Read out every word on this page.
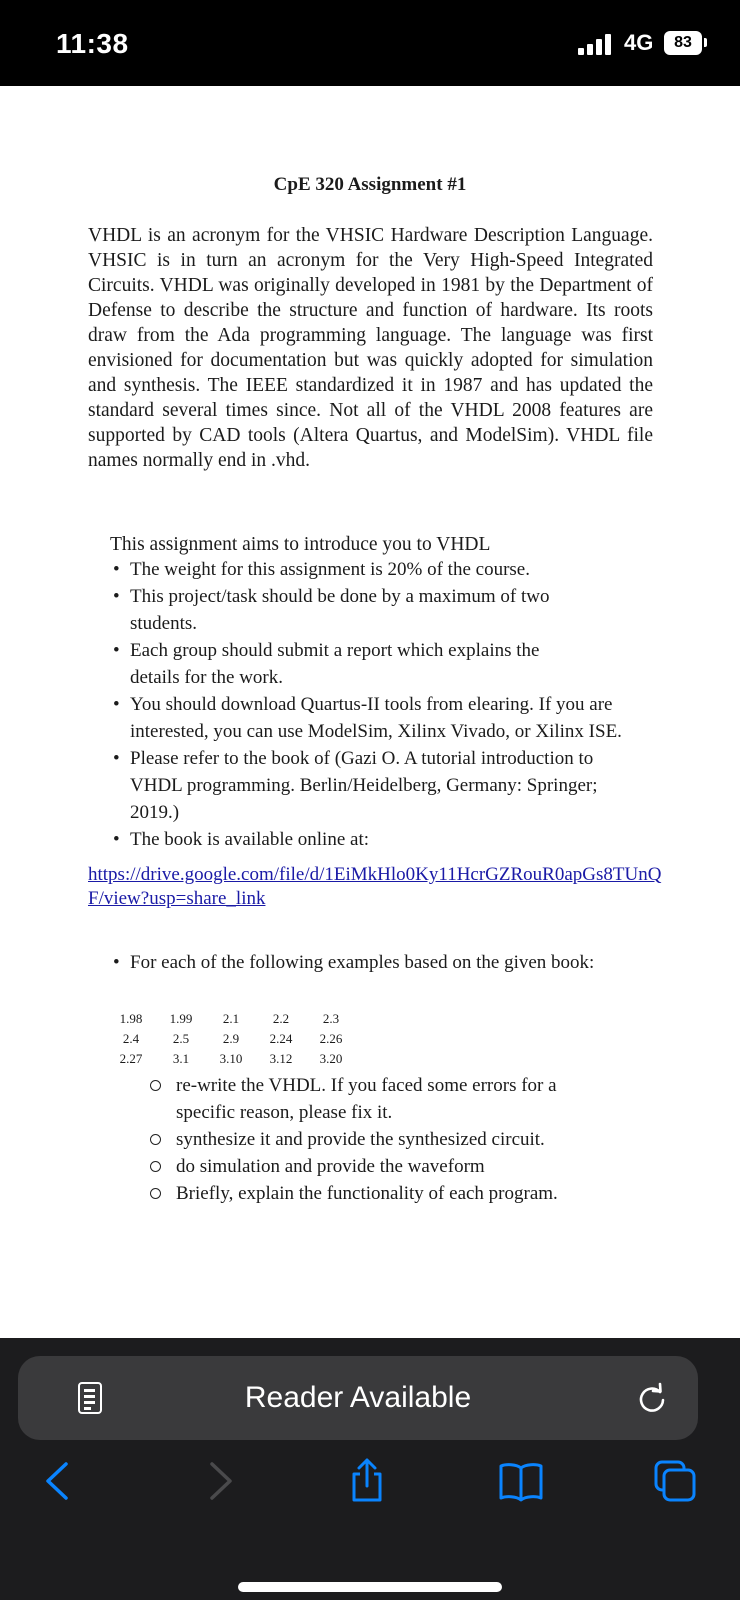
11:38	4G	83
CpE 320 Assignment #1

VHDL is an acronym for the VHSIC Hardware Description Language. VHSIC is in turn an acronym for the Very High-Speed Integrated Circuits. VHDL was originally developed in 1981 by the Department of Defense to describe the structure and function of hardware. Its roots draw from the Ada programming language. The language was first envisioned for documentation but was quickly adopted for simulation and synthesis. The IEEE standardized it in 1987 and has updated the standard several times since. Not all of the VHDL 2008 features are supported by CAD tools (Altera Quartus, and ModelSim). VHDL file names normally end in .vhd.

This assignment aims to introduce you to VHDL
• The weight for this assignment is 20% of the course.
• This project/task should be done by a maximum of two students.
• Each group should submit a report which explains the details for the work.
• You should download Quartus-II tools from elearing. If you are interested, you can use ModelSim, Xilinx Vivado, or Xilinx ISE.
• Please refer to the book of (Gazi O. A tutorial introduction to VHDL programming. Berlin/Heidelberg, Germany: Springer; 2019.)
• The book is available online at:
https://drive.google.com/file/d/1EiMkHlo0Ky11HcrGZRouR0apGs8TUnQF/view?usp=share_link
• For each of the following examples based on the given book:
1.98	1.99	2.1	2.2	2.3
2.4	2.5	2.9	2.24	2.26
2.27	3.1	3.10	3.12	3.20
re-write the VHDL. If you faced some errors for a specific reason, please fix it.
synthesize it and provide the synthesized circuit.
do simulation and provide the waveform
Briefly, explain the functionality of each program.
Reader Available
